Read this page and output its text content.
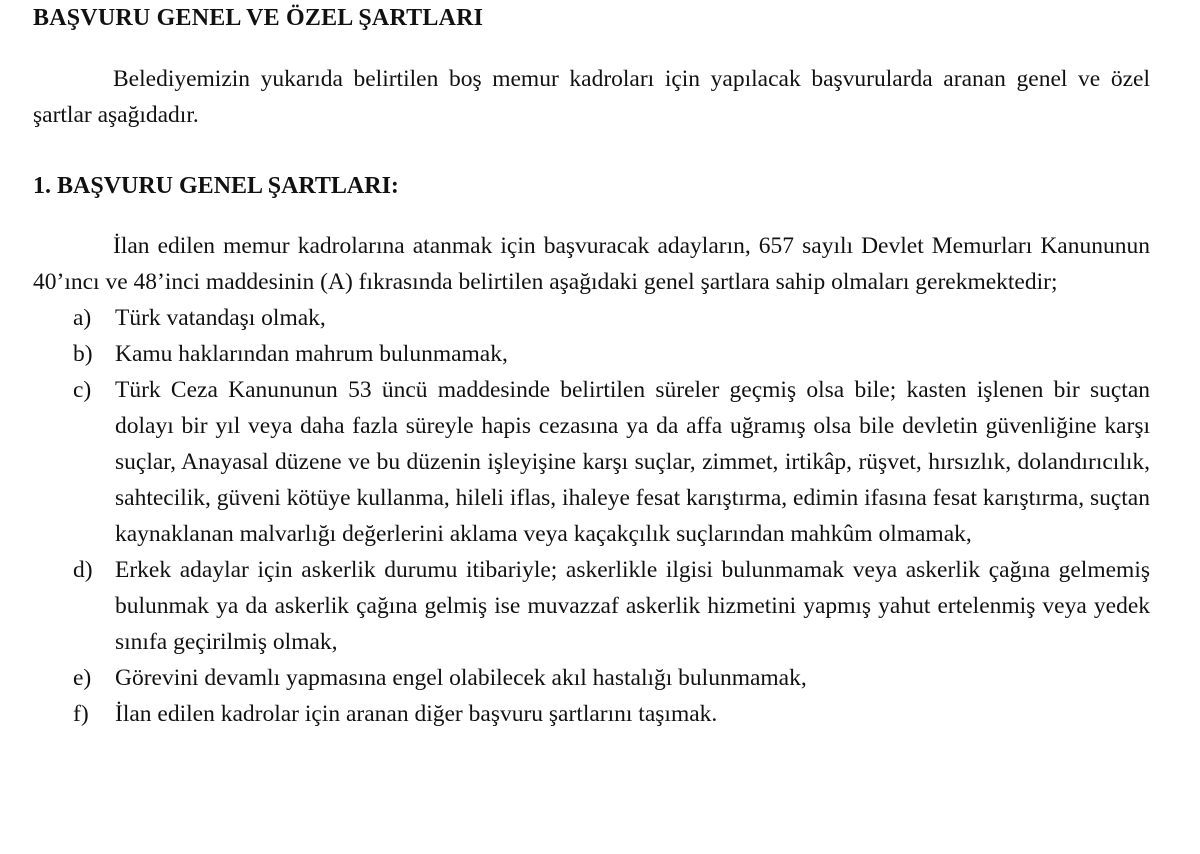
BAŞVURU GENEL VE ÖZEL ŞARTLARI

Belediyemizin yukarıda belirtilen boş memur kadroları için yapılacak başvurularda aranan genel ve özel şartlar aşağıdadır.

1. BAŞVURU GENEL ŞARTLARI:

İlan edilen memur kadrolarına atanmak için başvuracak adayların, 657 sayılı Devlet Memurları Kanununun 40’ıncı ve 48’inci maddesinin (A) fıkrasında belirtilen aşağıdaki genel şartlara sahip olmaları gerekmektedir;

a)	Türk vatandaşı olmak,
b) Kamu haklarından mahrum bulunmamak,
c)	Türk Ceza Kanununun 53 üncü maddesinde belirtilen süreler geçmiş olsa bile; kasten işlenen bir suçtan dolayı bir yıl veya daha fazla süreyle hapis cezasına ya da affa uğramış olsa bile devletin güvenliğine karşı suçlar, Anayasal düzene ve bu düzenin işleyişine karşı suçlar, zimmet, irtikâp, rüşvet, hırsızlık, dolandırıcılık, sahtecilik, güveni kötüye kullanma, hileli iflas, ihaleye fesat karıştırma, edimin ifasına fesat karıştırma, suçtan kaynaklanan malvarlığı değerlerini aklama veya kaçakçılık suçlarından mahkûm olmamak,
d) Erkek adaylar için askerlik durumu itibariyle; askerlikle ilgisi bulunmamak veya askerlik çağına gelmemiş bulunmak ya da askerlik çağına gelmiş ise muvazzaf askerlik hizmetini yapmış yahut ertelenmiş veya yedek sınıfa geçirilmiş olmak,
e)	Görevini devamlı yapmasına engel olabilecek akıl hastalığı bulunmamak,
f)	İlan edilen kadrolar için aranan diğer başvuru şartlarını taşımak.
